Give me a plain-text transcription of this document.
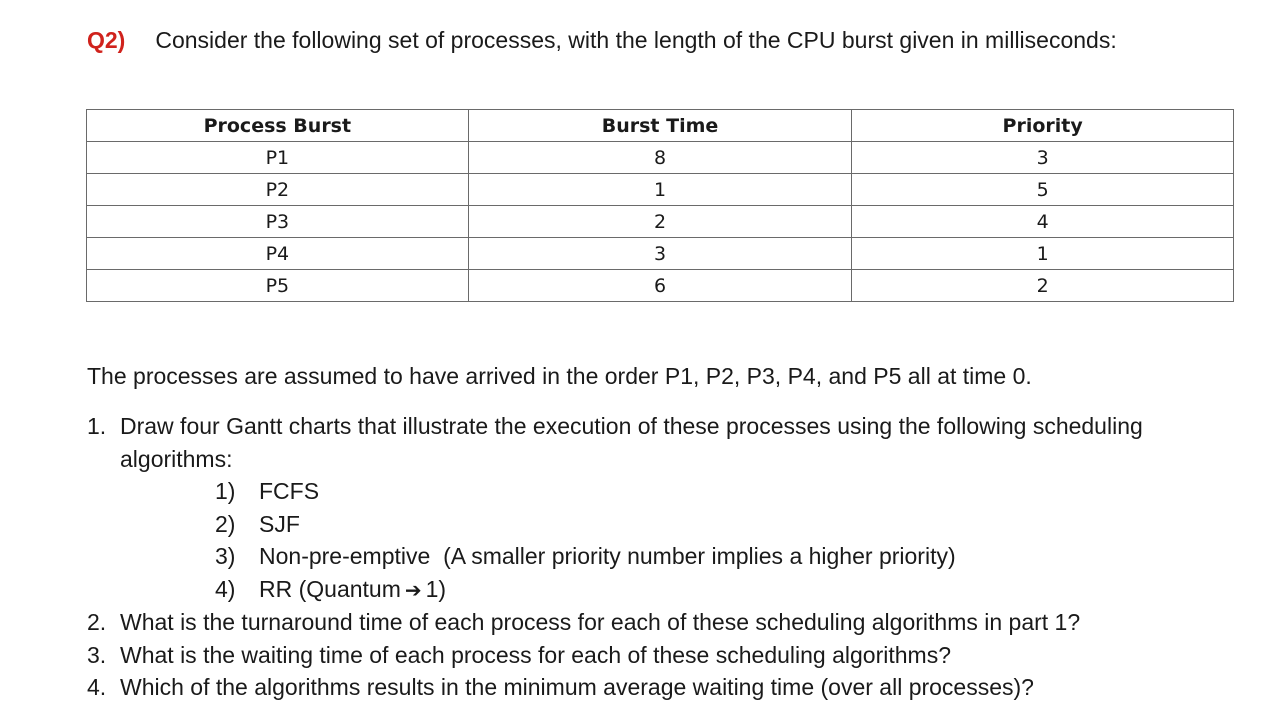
Q2) Consider the following set of processes, with the length of the CPU burst given in milliseconds:
Process Burst	Burst Time	Priority
P1	8	3
P2	1	5
P3	2	4
P4	3	1
P5	6	2
The processes are assumed to have arrived in the order P1, P2, P3, P4, and P5 all at time 0.
1. Draw four Gantt charts that illustrate the execution of these processes using the following scheduling algorithms:
1) FCFS
2) SJF
3) Non-pre-emptive  (A smaller priority number implies a higher priority)
4) RR (Quantum ➔ 1)
2. What is the turnaround time of each process for each of these scheduling algorithms in part 1?
3. What is the waiting time of each process for each of these scheduling algorithms?
4. Which of the algorithms results in the minimum average waiting time (over all processes)?
